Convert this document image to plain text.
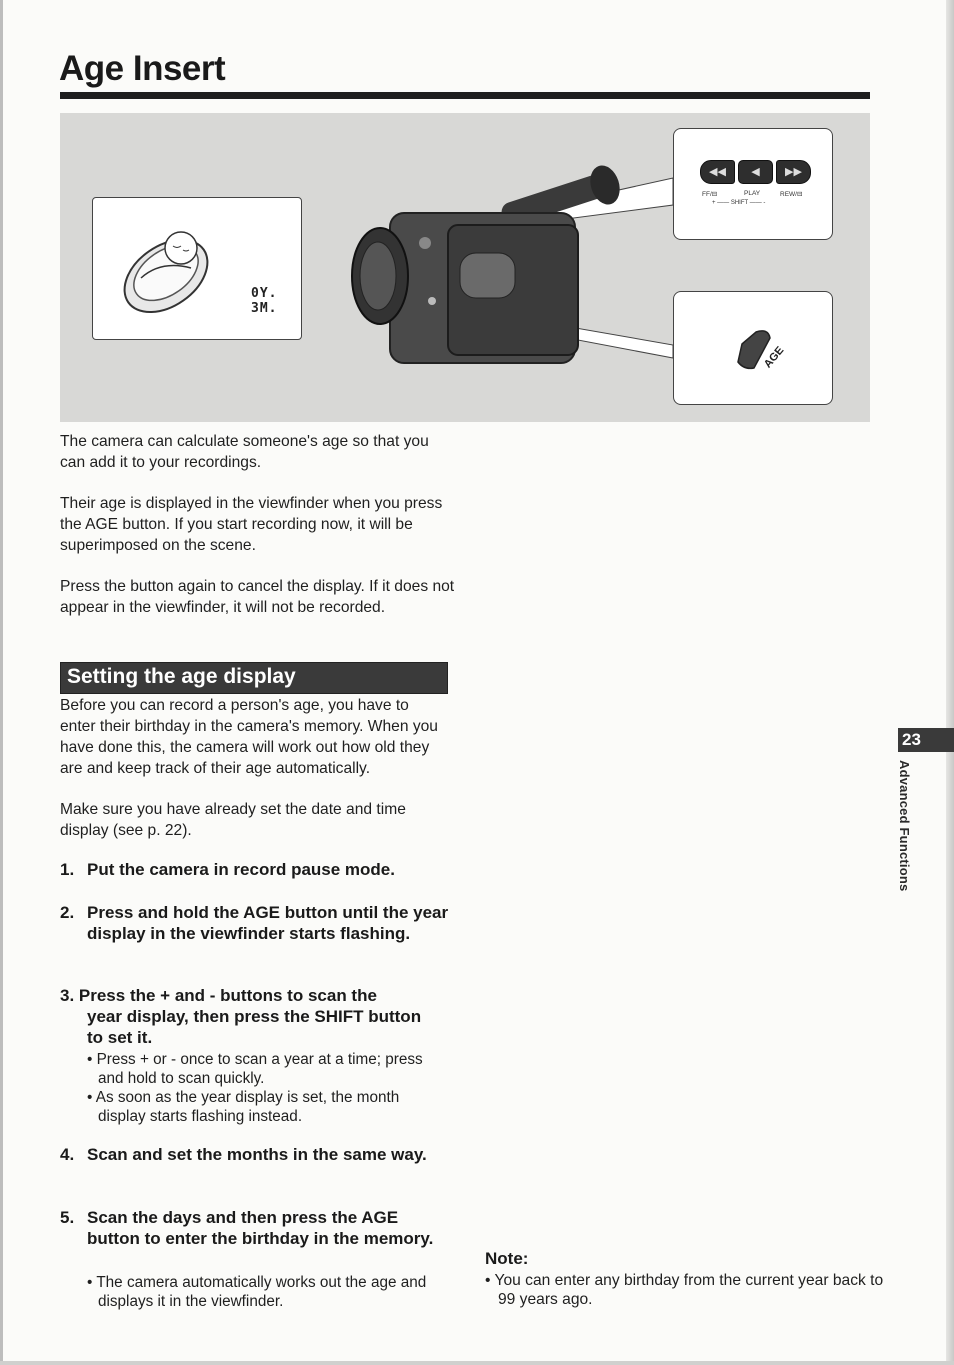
Age Insert
0Y. 3M.
◀◀	◀	▶▶
FF/⊟	PLAY	REW/⊟
+ —— SHIFT —— -
AGE
The camera can calculate someone's age so that you can add it to your recordings.
Their age is displayed in the viewfinder when you press the AGE button. If you start recording now, it will be superimposed on the scene.
Press the button again to cancel the display. If it does not appear in the viewfinder, it will not be recorded.
Setting the age display
Before you can record a person's age, you have to enter their birthday in the camera's memory. When you have done this, the camera will work out how old they are and keep track of their age automatically.
Make sure you have already set the date and time display (see p. 22).
1. Put the camera in record pause mode.
2. Press and hold the AGE button until the year display in the viewfinder starts flashing.
3. Press the + and - buttons to scan the
year display, then press the SHIFT button to set it.
• Press + or - once to scan a year at a time; press and hold to scan quickly.
• As soon as the year display is set, the month display starts flashing instead.
4. Scan and set the months in the same way.
5. Scan the days and then press the AGE button to enter the birthday in the memory.
• The camera automatically works out the age and displays it in the viewfinder.
Note:
• You can enter any birthday from the current year back to 99 years ago.
23
Advanced Functions
